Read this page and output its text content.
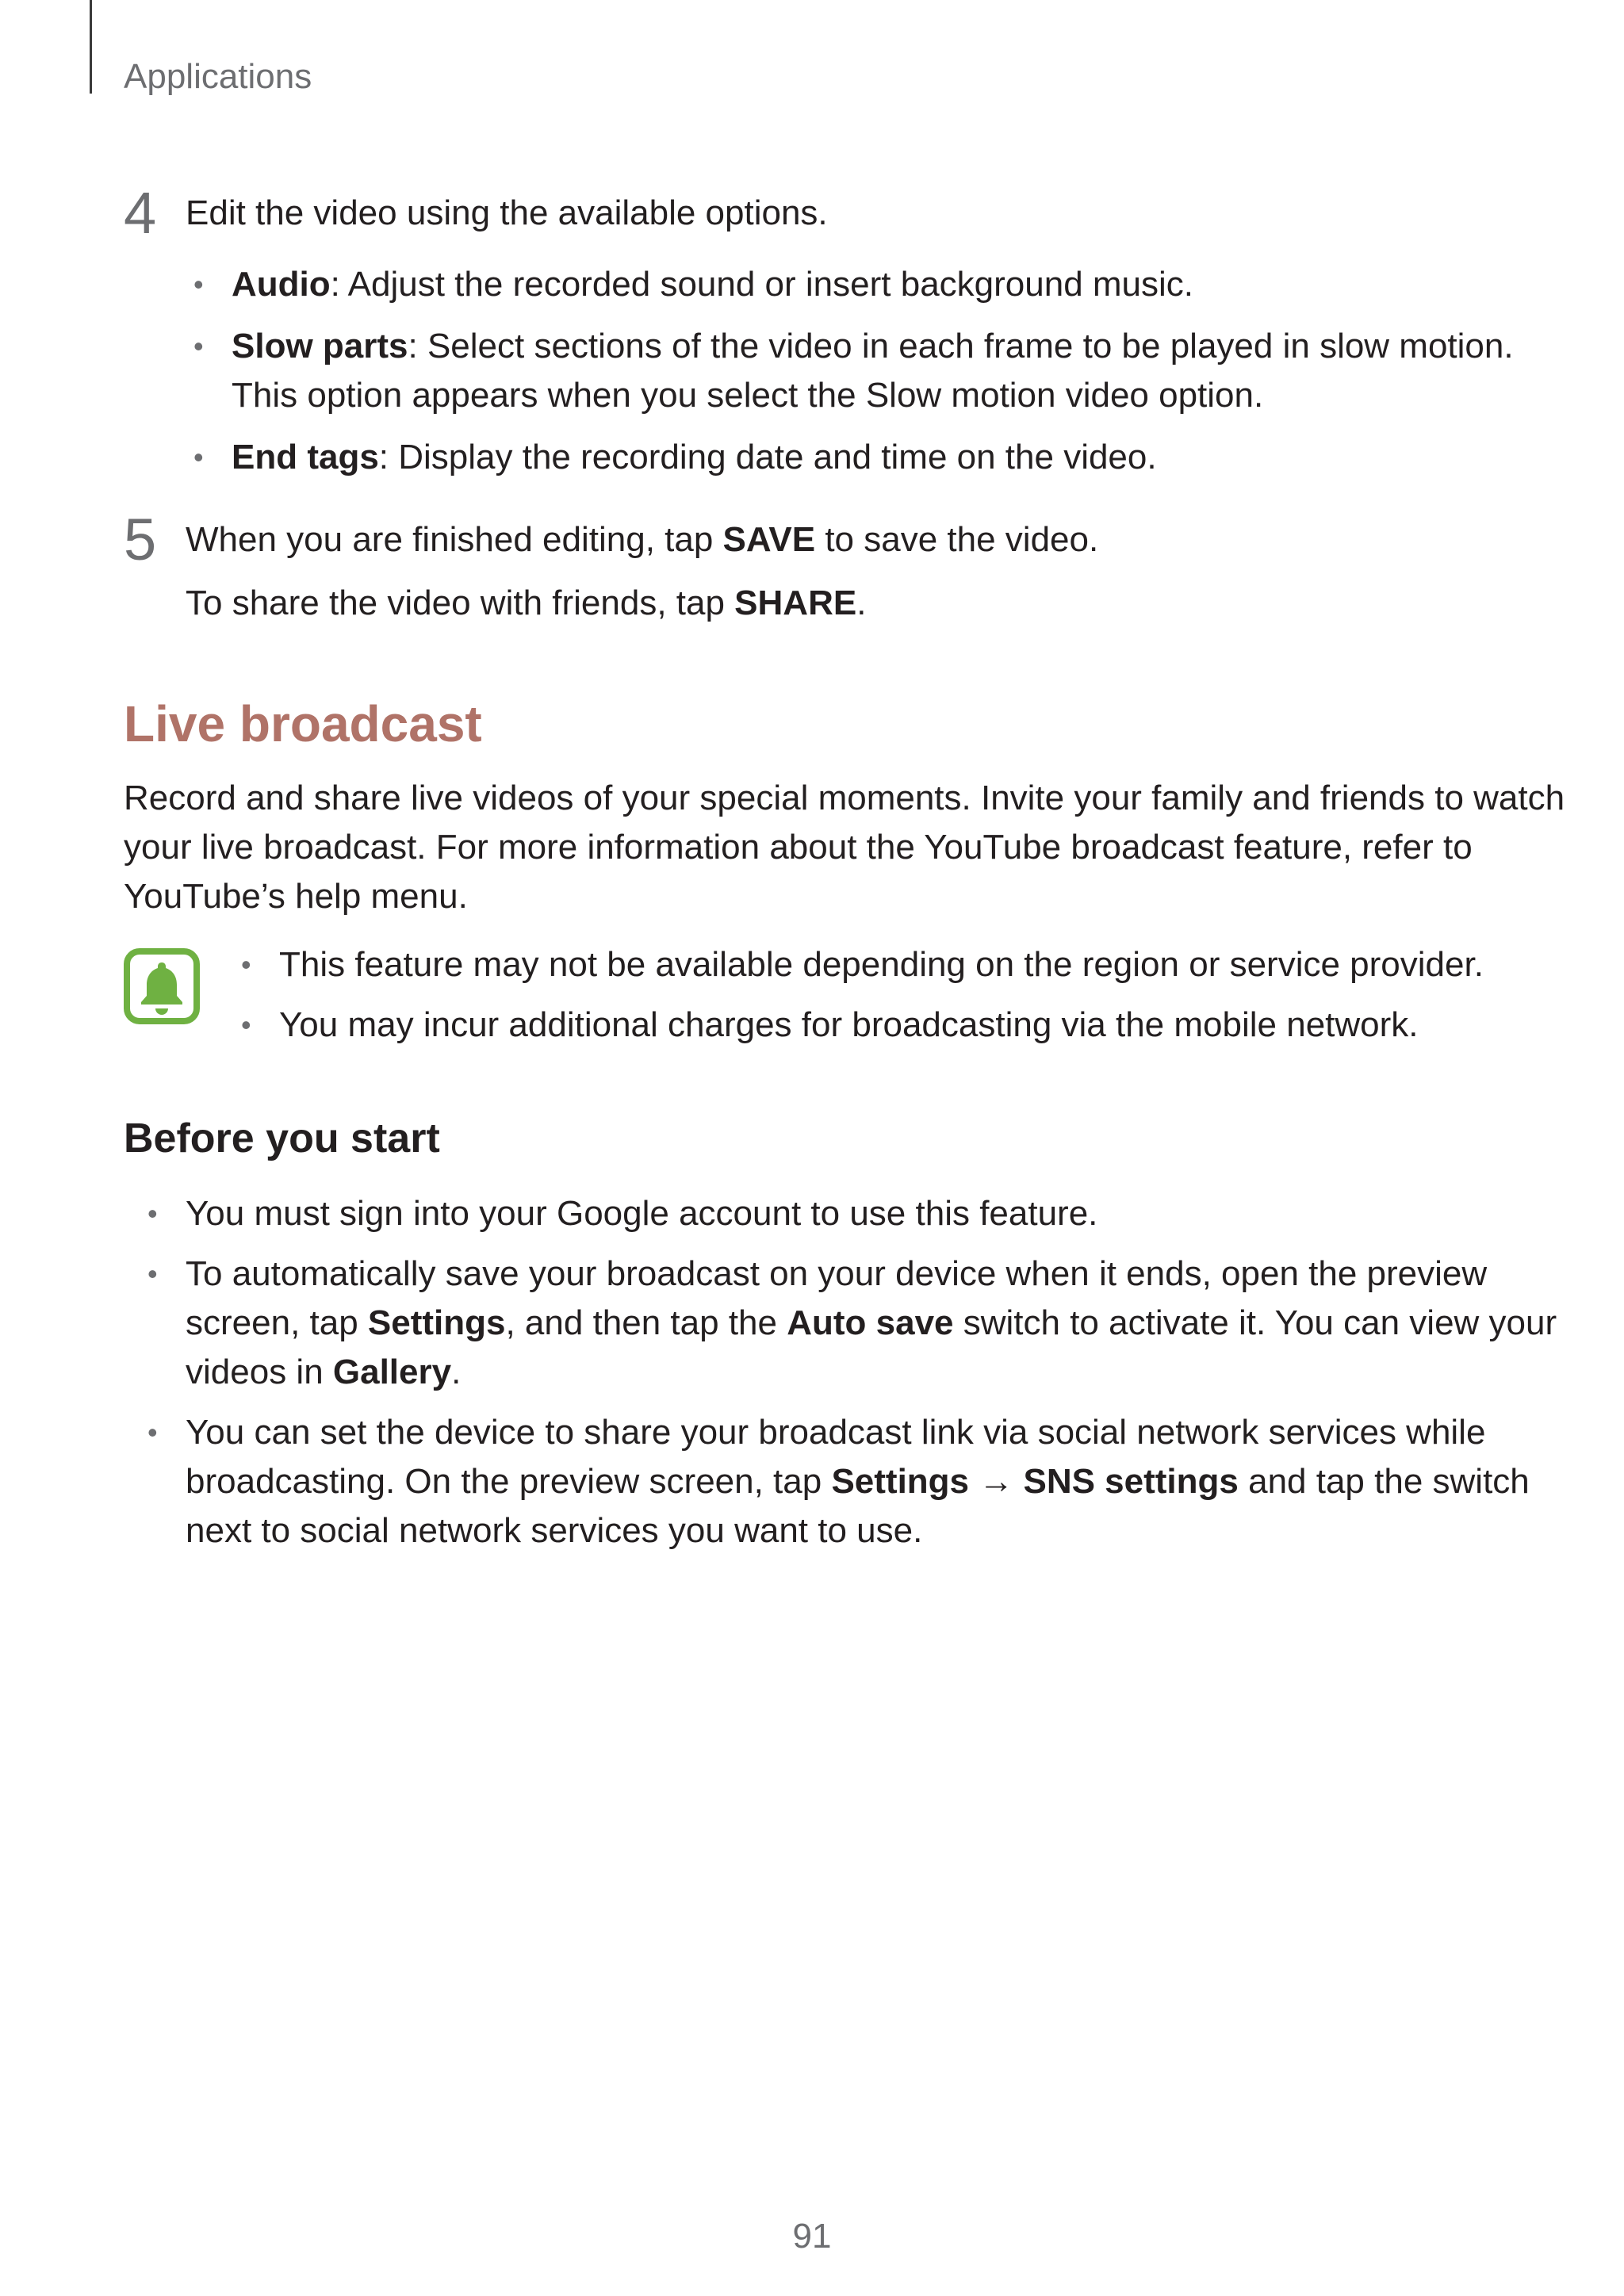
Applications
4 Edit the video using the available options.
• Audio: Adjust the recorded sound or insert background music.
• Slow parts: Select sections of the video in each frame to be played in slow motion.
This option appears when you select the Slow motion video option.
• End tags: Display the recording date and time on the video.
5 When you are finished editing, tap SAVE to save the video.
To share the video with friends, tap SHARE.
Live broadcast
Record and share live videos of your special moments. Invite your family and friends to watch
your live broadcast. For more information about the YouTube broadcast feature, refer to
YouTube’s help menu.
• This feature may not be available depending on the region or service provider.
• You may incur additional charges for broadcasting via the mobile network.
Before you start
• You must sign into your Google account to use this feature.
• To automatically save your broadcast on your device when it ends, open the preview
screen, tap Settings, and then tap the Auto save switch to activate it. You can view your
videos in Gallery.
• You can set the device to share your broadcast link via social network services while
broadcasting. On the preview screen, tap Settings → SNS settings and tap the switch
next to social network services you want to use.
91
